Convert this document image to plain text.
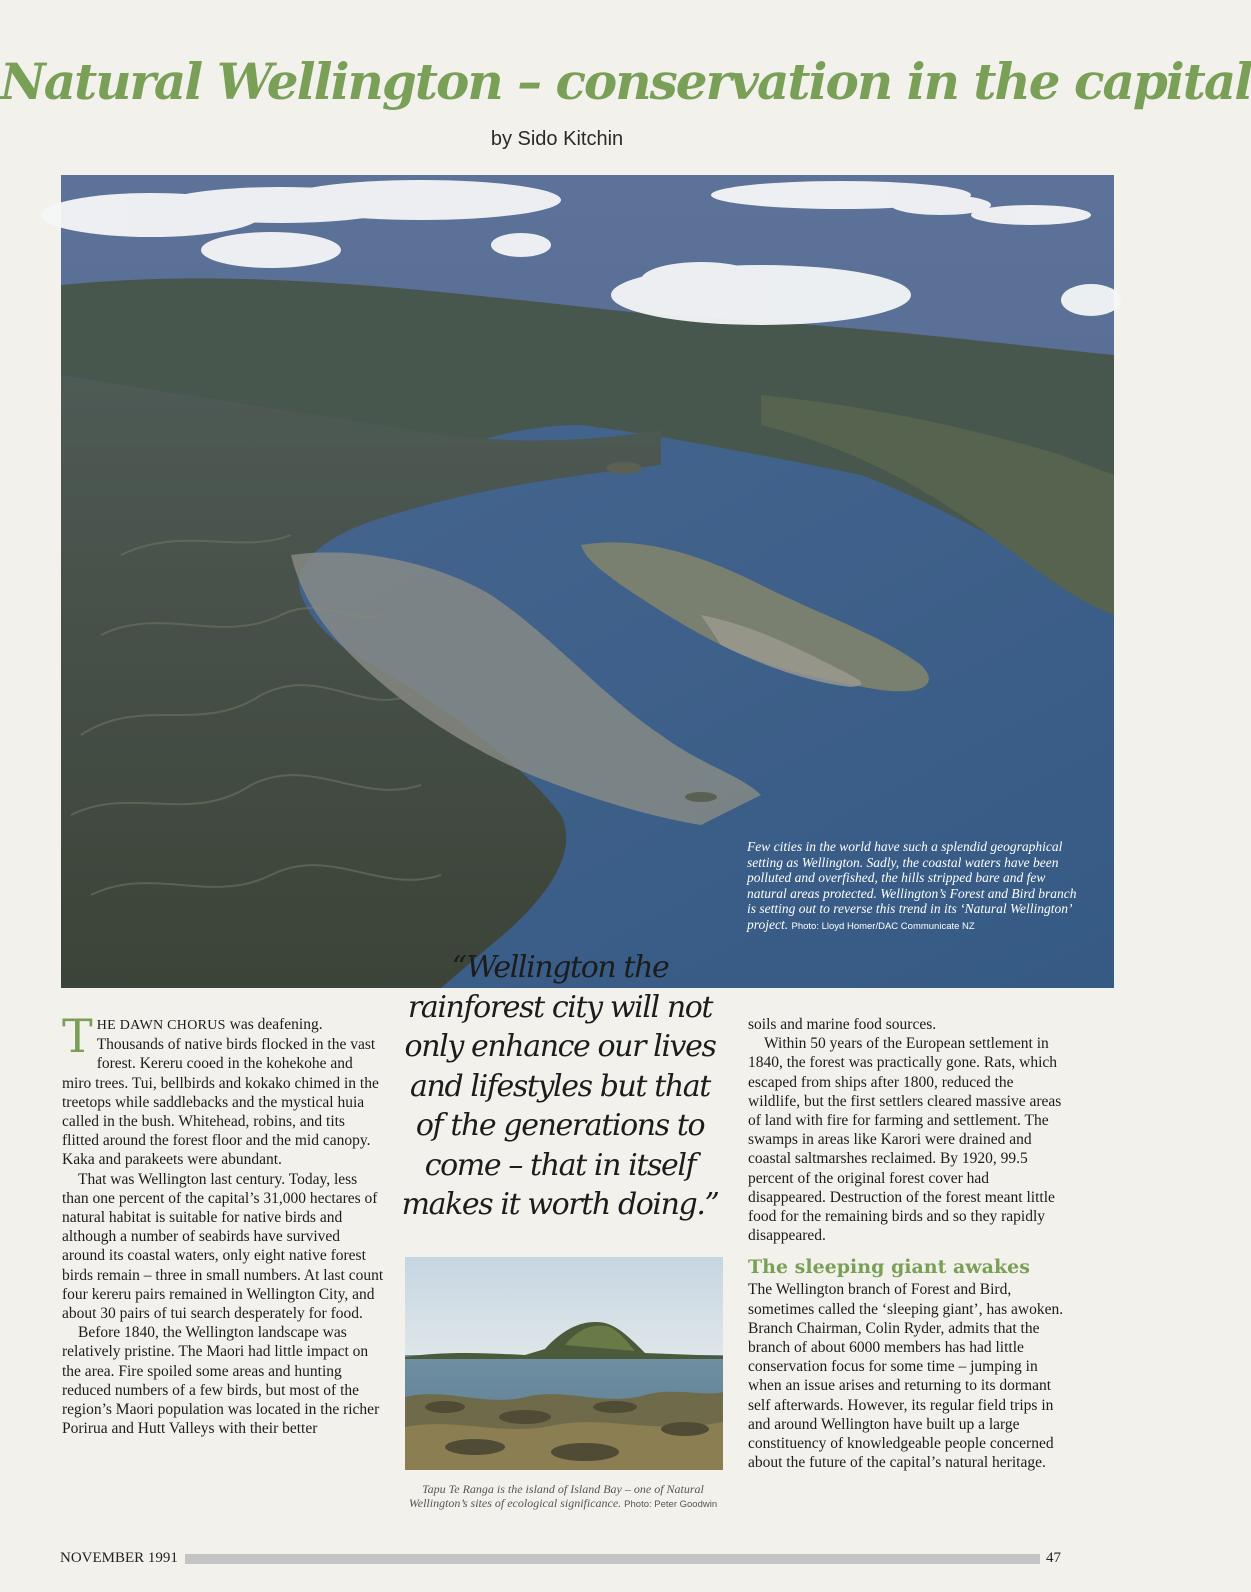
Natural Wellington – conservation in the capital
by Sido Kitchin
Few cities in the world have such a splendid geographical setting as Wellington. Sadly, the coastal waters have been polluted and overfished, the hills stripped bare and few natural areas protected. Wellington’s Forest and Bird branch is setting out to reverse this trend in its ‘Natural Wellington’ project. Photo: Lloyd Homer/DAC Communicate NZ

THE DAWN CHORUS was deafening. Thousands of native birds flocked in the vast forest. Kereru cooed in the kohekohe and miro trees. Tui, bellbirds and kokako chimed in the treetops while saddlebacks and the mystical huia called in the bush. Whitehead, robins, and tits flitted around the forest floor and the mid canopy. Kaka and parakeets were abundant.

That was Wellington last century. Today, less than one percent of the capital’s 31,000 hectares of natural habitat is suitable for native birds and although a number of seabirds have survived around its coastal waters, only eight native forest birds remain – three in small numbers. At last count four kereru pairs remained in Wellington City, and about 30 pairs of tui search desperately for food.

Before 1840, the Wellington landscape was relatively pristine. The Maori had little impact on the area. Fire spoiled some areas and hunting reduced numbers of a few birds, but most of the region’s Maori population was located in the richer Porirua and Hutt Valleys with their better

“Wellington the rainforest city will not only enhance our lives and lifestyles but that of the generations to come – that in itself makes it worth doing.”
Tapu Te Ranga is the island of Island Bay – one of Natural Wellington’s sites of ecological significance. Photo: Peter Goodwin

soils and marine food sources.

Within 50 years of the European settlement in 1840, the forest was practically gone. Rats, which escaped from ships after 1800, reduced the wildlife, but the first settlers cleared massive areas of land with fire for farming and settlement. The swamps in areas like Karori were drained and coastal saltmarshes reclaimed. By 1920, 99.5 percent of the original forest cover had disappeared. Destruction of the forest meant little food for the remaining birds and so they rapidly disappeared.

The sleeping giant awakes

The Wellington branch of Forest and Bird, sometimes called the ‘sleeping giant’, has awoken. Branch Chairman, Colin Ryder, admits that the branch of about 6000 members has had little conservation focus for some time – jumping in when an issue arises and returning to its dormant self afterwards. However, its regular field trips in and around Wellington have built up a large constituency of knowledgeable people concerned about the future of the capital’s natural heritage.

NOVEMBER 1991	47
